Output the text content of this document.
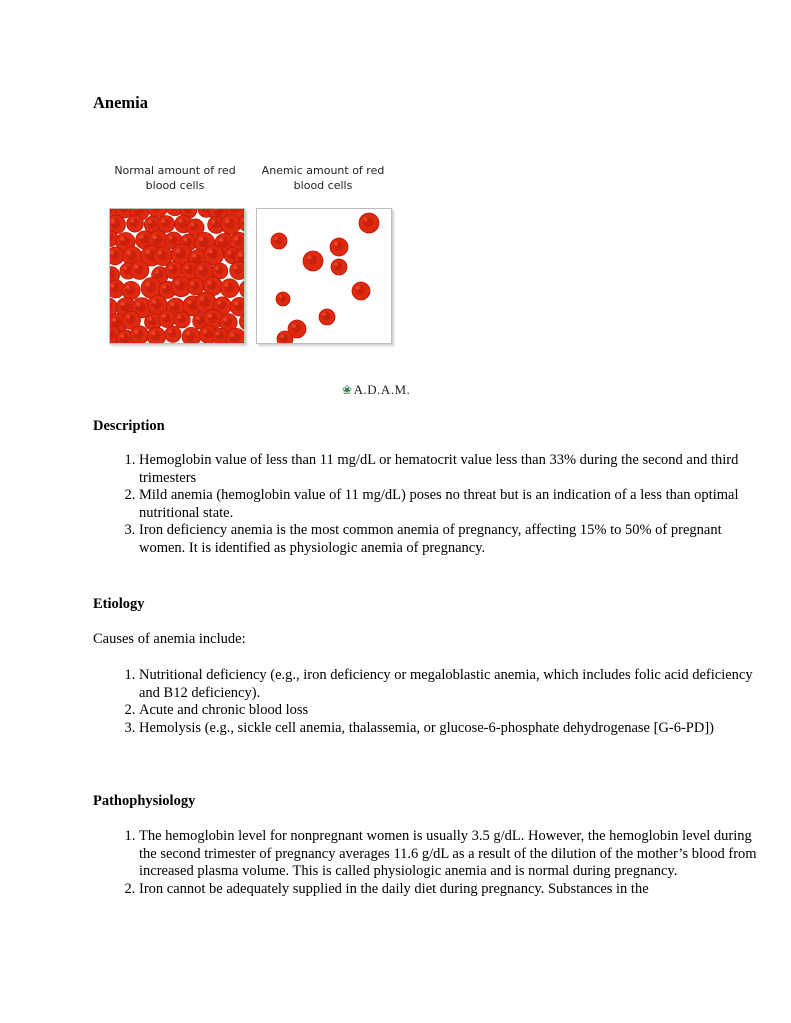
Anemia
Normal amount of red blood cells
Anemic amount of red blood cells
❀A.D.A.M.
Description
1. Hemoglobin value of less than 11 mg/dL or hematocrit value less than 33% during the second and third trimesters
2. Mild anemia (hemoglobin value of 11 mg/dL) poses no threat but is an indication of a less than optimal nutritional state.
3. Iron deficiency anemia is the most common anemia of pregnancy, affecting 15% to 50% of pregnant women. It is identified as physiologic anemia of pregnancy.
Etiology

Causes of anemia include:

1. Nutritional deficiency (e.g., iron deficiency or megaloblastic anemia, which includes folic acid deficiency and B12 deficiency).
2. Acute and chronic blood loss
3. Hemolysis (e.g., sickle cell anemia, thalassemia, or glucose-6-phosphate dehydrogenase [G-6-PD])
Pathophysiology
1. The hemoglobin level for nonpregnant women is usually 3.5 g/dL. However, the hemoglobin level during the second trimester of pregnancy averages 11.6 g/dL as a result of the dilution of the mother’s blood from increased plasma volume. This is called physiologic anemia and is normal during pregnancy.
2. Iron cannot be adequately supplied in the daily diet during pregnancy. Substances in the
